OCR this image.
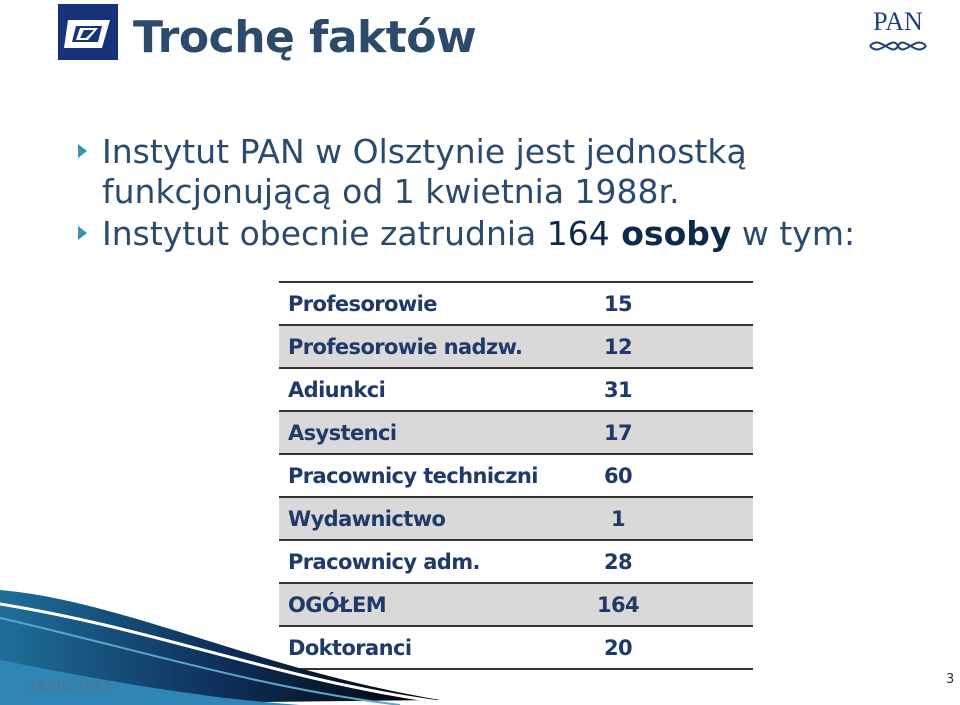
Trochę faktów	PAN
Instytut PAN w Olsztynie jest jednostką
funkcjonującą od 1 kwietnia 1988r.
Instytut obecnie zatrudnia 164 osoby w tym:
Profesorowie	15
Profesorowie nadzw.	12
Adiunkci	31
Asystenci	17
Pracownicy techniczni	60
Wydawnictwo	1
Pracownicy adm.	28
OGÓŁEM	164
Doktoranci	20
28/06/2011
3
